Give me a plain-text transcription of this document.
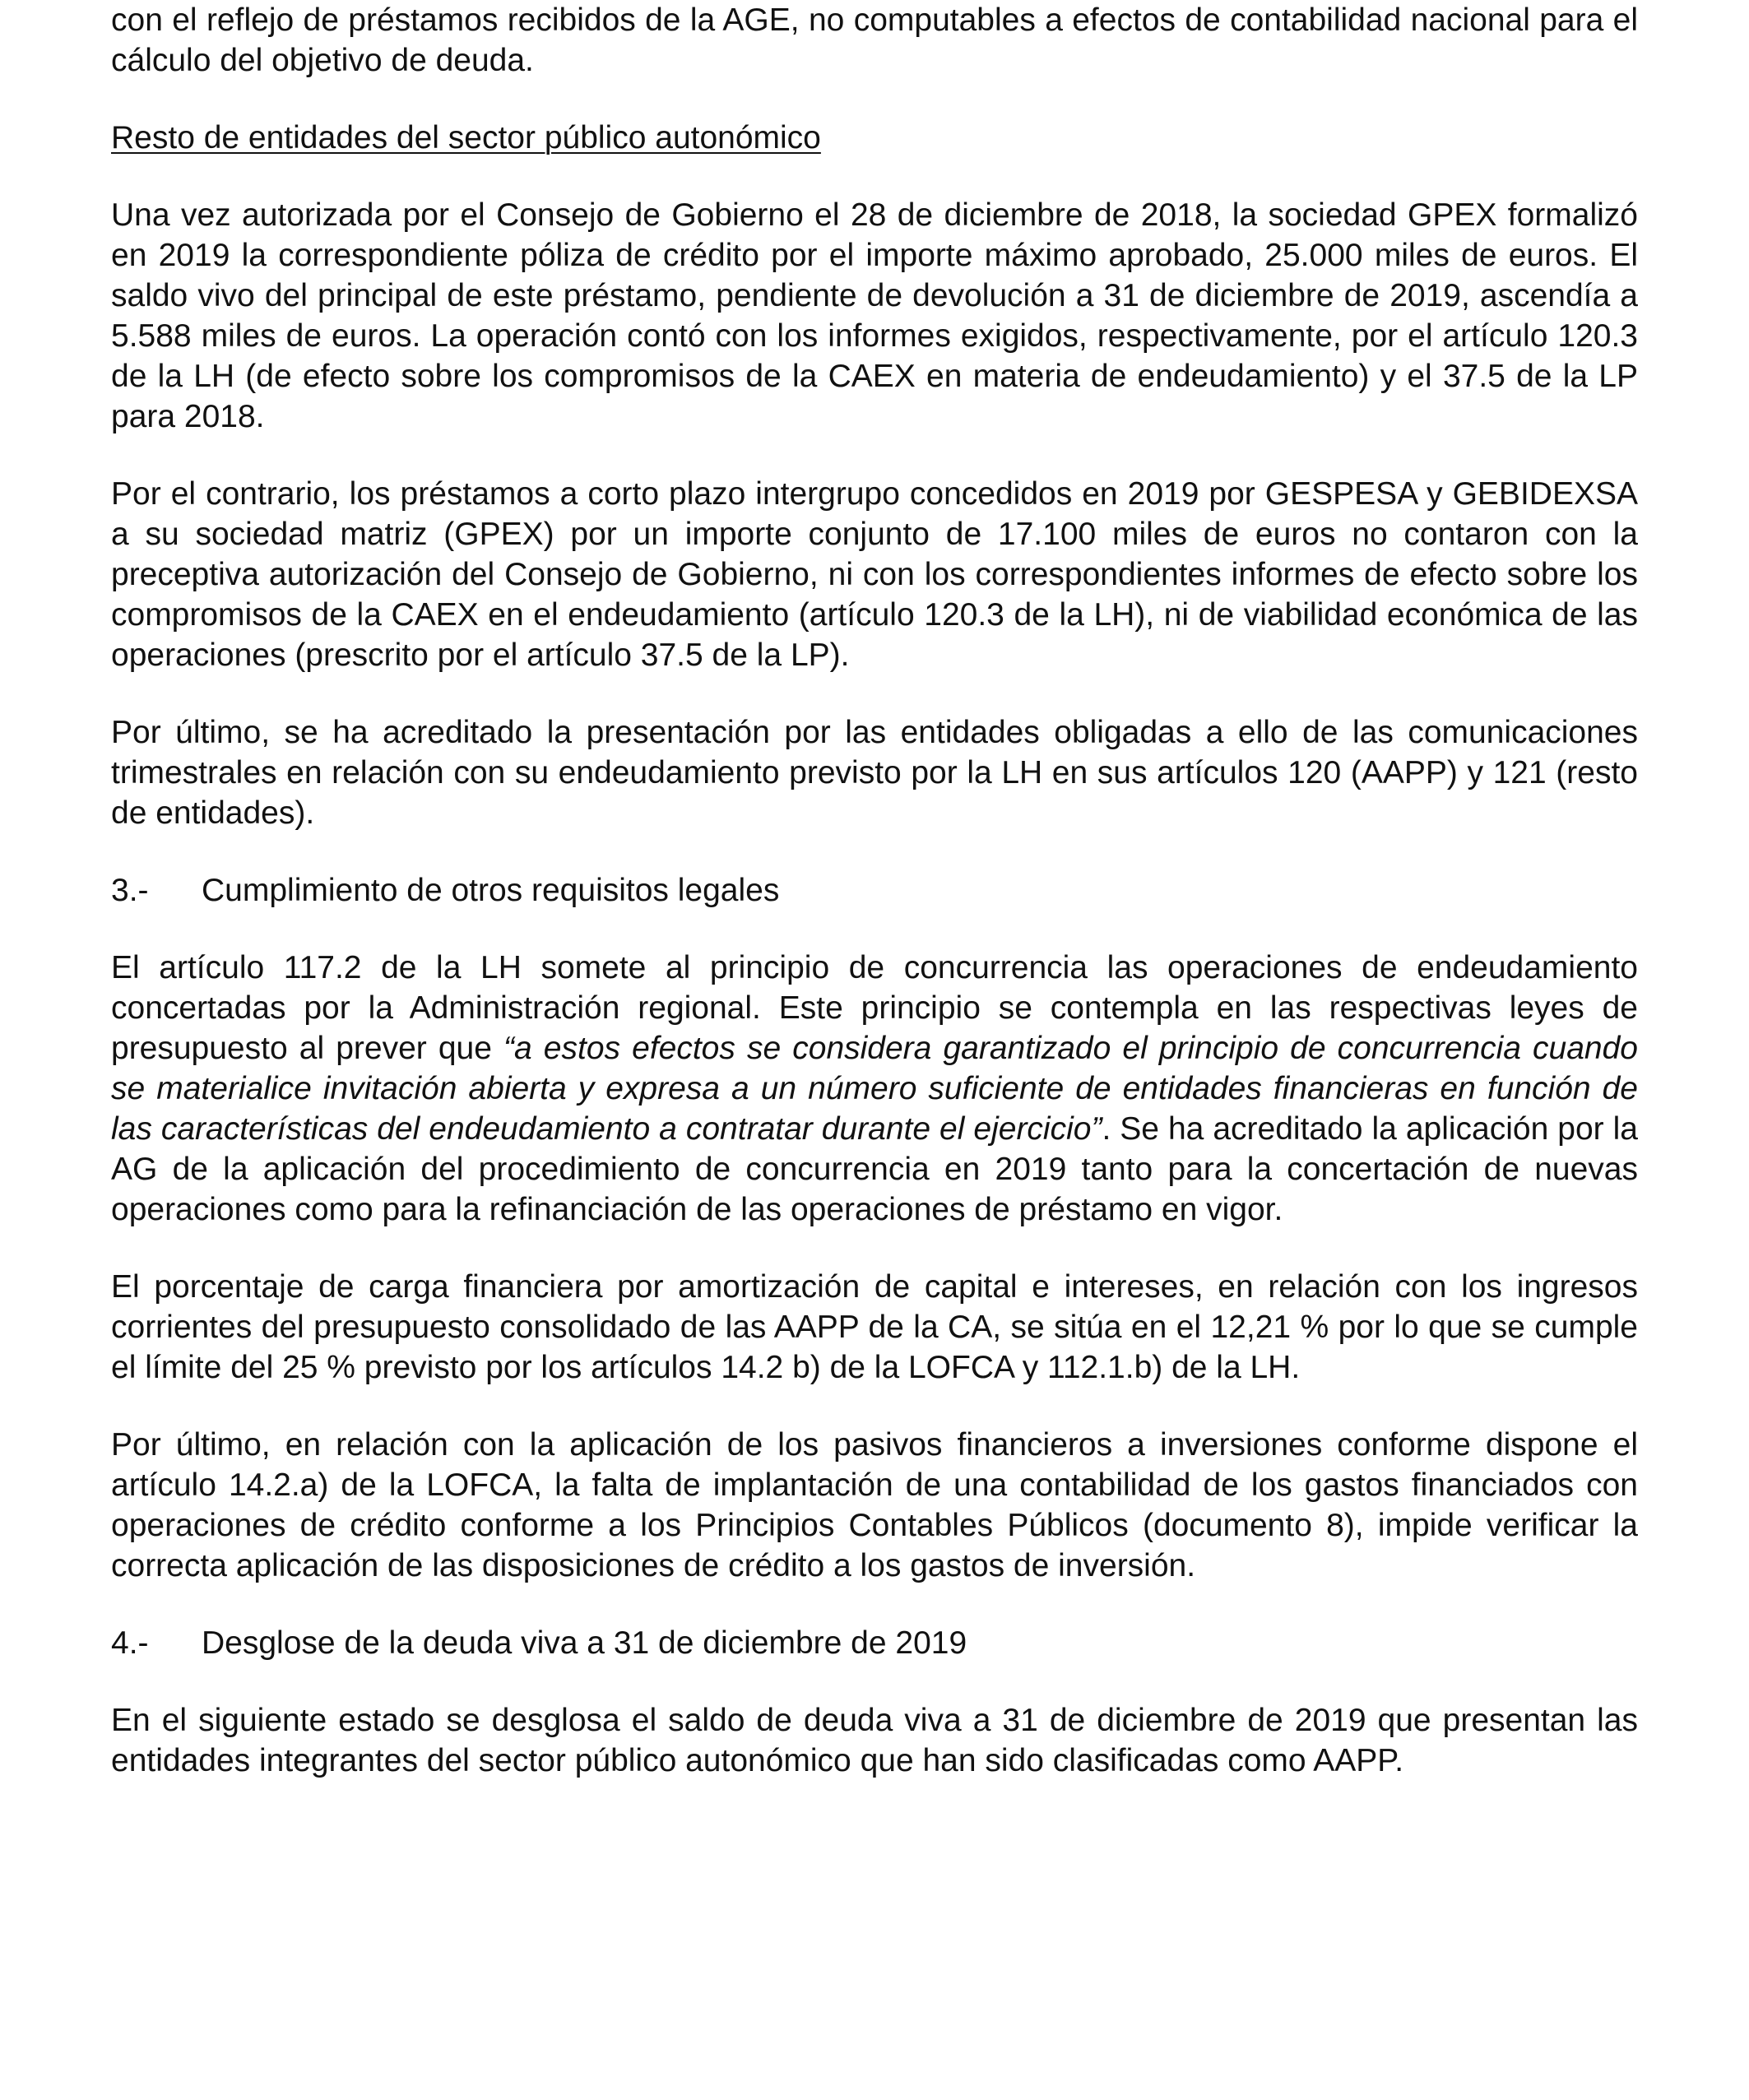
con el reflejo de préstamos recibidos de la AGE, no computables a efectos de contabilidad nacional para el cálculo del objetivo de deuda.

Resto de entidades del sector público autonómico

Una vez autorizada por el Consejo de Gobierno el 28 de diciembre de 2018, la sociedad GPEX formalizó en 2019 la correspondiente póliza de crédito por el importe máximo aprobado, 25.000 miles de euros. El saldo vivo del principal de este préstamo, pendiente de devolución a 31 de diciembre de 2019, ascendía a 5.588 miles de euros. La operación contó con los informes exigidos, respectivamente, por el artículo 120.3 de la LH (de efecto sobre los compromisos de la CAEX en materia de endeudamiento) y el 37.5 de la LP para 2018.

Por el contrario, los préstamos a corto plazo intergrupo concedidos en 2019 por GESPESA y GEBIDEXSA a su sociedad matriz (GPEX) por un importe conjunto de 17.100 miles de euros no contaron con la preceptiva autorización del Consejo de Gobierno, ni con los correspondientes informes de efecto sobre los compromisos de la CAEX en el endeudamiento (artículo 120.3 de la LH), ni de viabilidad económica de las operaciones (prescrito por el artículo 37.5 de la LP).

Por último, se ha acreditado la presentación por las entidades obligadas a ello de las comunicaciones trimestrales en relación con su endeudamiento previsto por la LH en sus artículos 120 (AAPP) y 121 (resto de entidades).

3.-	Cumplimiento de otros requisitos legales

El artículo 117.2 de la LH somete al principio de concurrencia las operaciones de endeudamiento concertadas por la Administración regional. Este principio se contempla en las respectivas leyes de presupuesto al prever que “a estos efectos se considera garantizado el principio de concurrencia cuando se materialice invitación abierta y expresa a un número suficiente de entidades financieras en función de las características del endeudamiento a contratar durante el ejercicio”. Se ha acreditado la aplicación por la AG de la aplicación del procedimiento de concurrencia en 2019 tanto para la concertación de nuevas operaciones como para la refinanciación de las operaciones de préstamo en vigor.

El porcentaje de carga financiera por amortización de capital e intereses, en relación con los ingresos corrientes del presupuesto consolidado de las AAPP de la CA, se sitúa en el 12,21 % por lo que se cumple el límite del 25 % previsto por los artículos 14.2 b) de la LOFCA y 112.1.b) de la LH.

Por último, en relación con la aplicación de los pasivos financieros a inversiones conforme dispone el artículo 14.2.a) de la LOFCA, la falta de implantación de una contabilidad de los gastos financiados con operaciones de crédito conforme a los Principios Contables Públicos (documento 8), impide verificar la correcta aplicación de las disposiciones de crédito a los gastos de inversión.

4.-	Desglose de la deuda viva a 31 de diciembre de 2019

En el siguiente estado se desglosa el saldo de deuda viva a 31 de diciembre de 2019 que presentan las entidades integrantes del sector público autonómico que han sido clasificadas como AAPP.
